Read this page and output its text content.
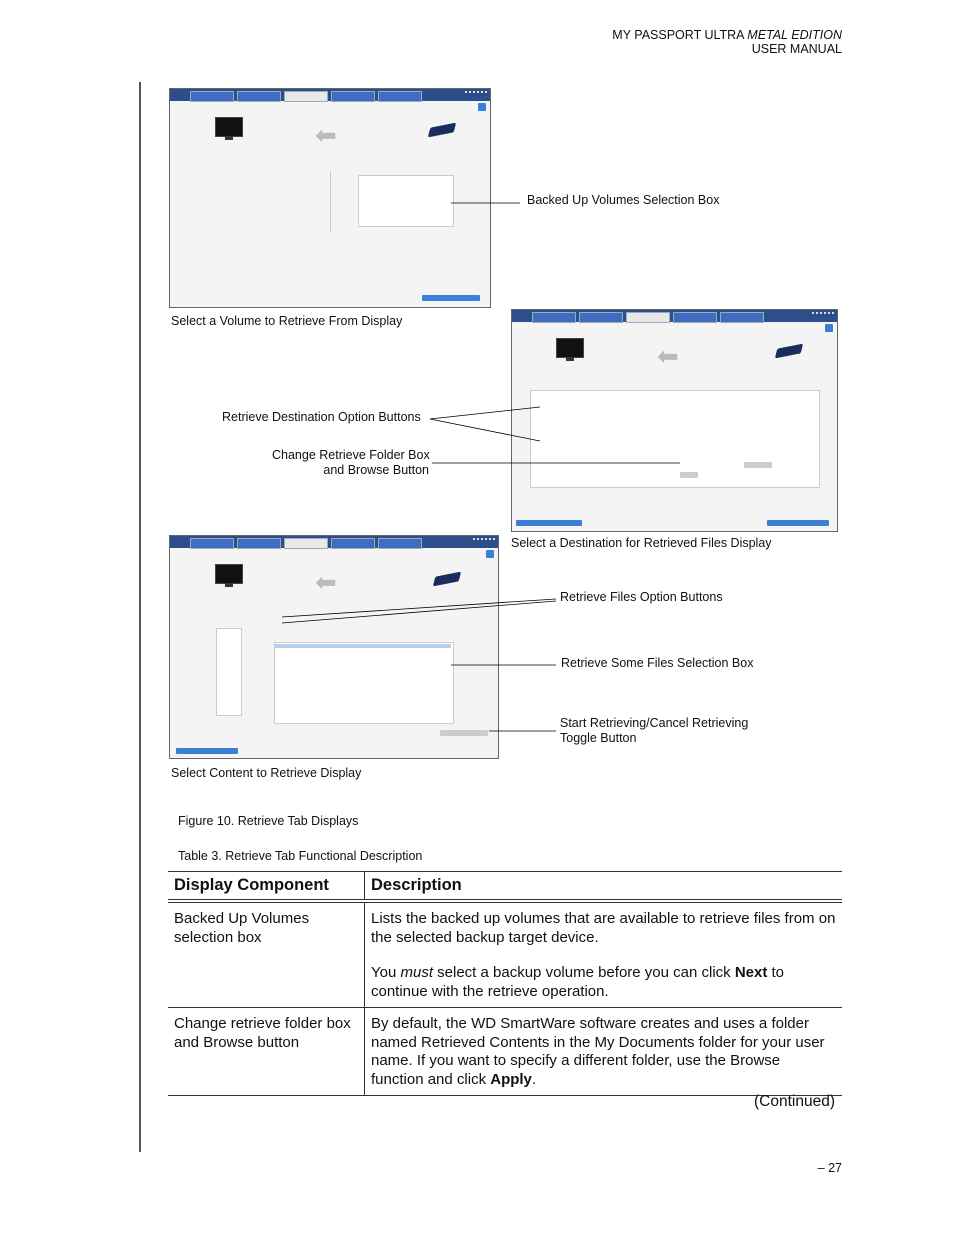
MY PASSPORT ULTRA METAL EDITION
USER MANUAL
⬅
Select a Volume to Retrieve From Display
⬅
Select a Destination for Retrieved Files Display
⬅
Select Content to Retrieve Display
Backed Up Volumes Selection Box
Retrieve Destination Option Buttons
Change Retrieve Folder Box
and Browse Button
Retrieve Files Option Buttons
Retrieve Some Files Selection Box
Start Retrieving/Cancel Retrieving
Toggle Button
Figure 10. Retrieve Tab Displays
Table 3. Retrieve Tab Functional Description
Display Component	Description
Backed Up Volumes selection box	Lists the backed up volumes that are available to retrieve files from on the selected backup target device.

You must select a backup volume before you can click Next to continue with the retrieve operation.

Change retrieve folder box and Browse button	By default, the WD SmartWare software creates and uses a folder named Retrieved Contents in the My Documents folder for your user name. If you want to specify a different folder, use the Browse function and click Apply.

(Continued)
– 27
